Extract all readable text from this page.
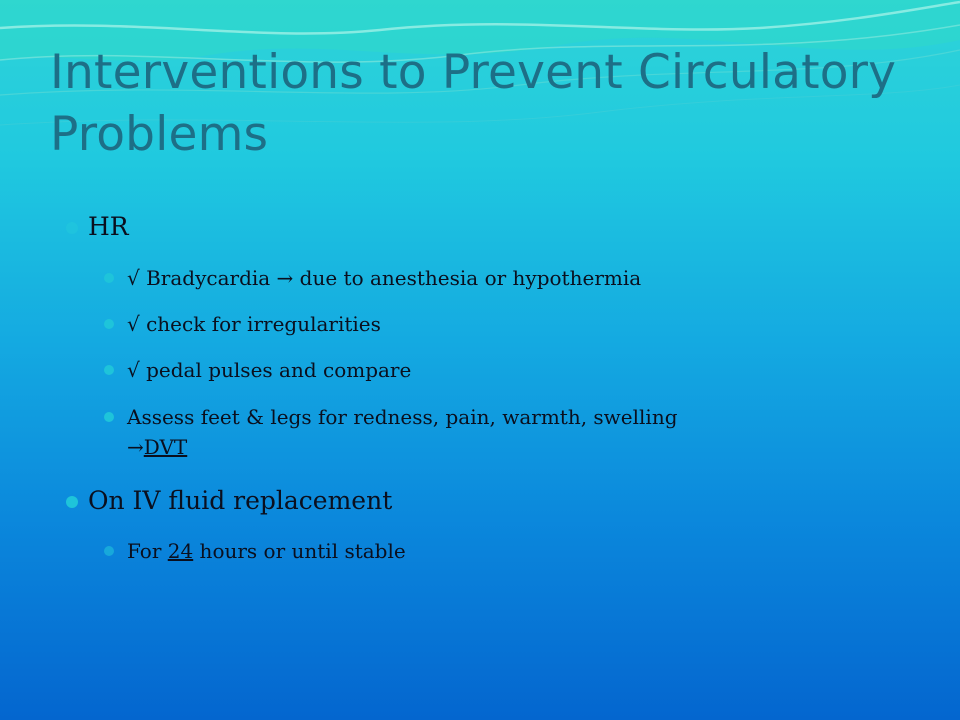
Interventions to Prevent Circulatory Problems
HR
√ Bradycardia → due to anesthesia or hypothermia
√ check for irregularities
√ pedal pulses and compare
Assess feet & legs for redness, pain, warmth, swelling
→DVT
On IV fluid replacement
For 24 hours or until stable
